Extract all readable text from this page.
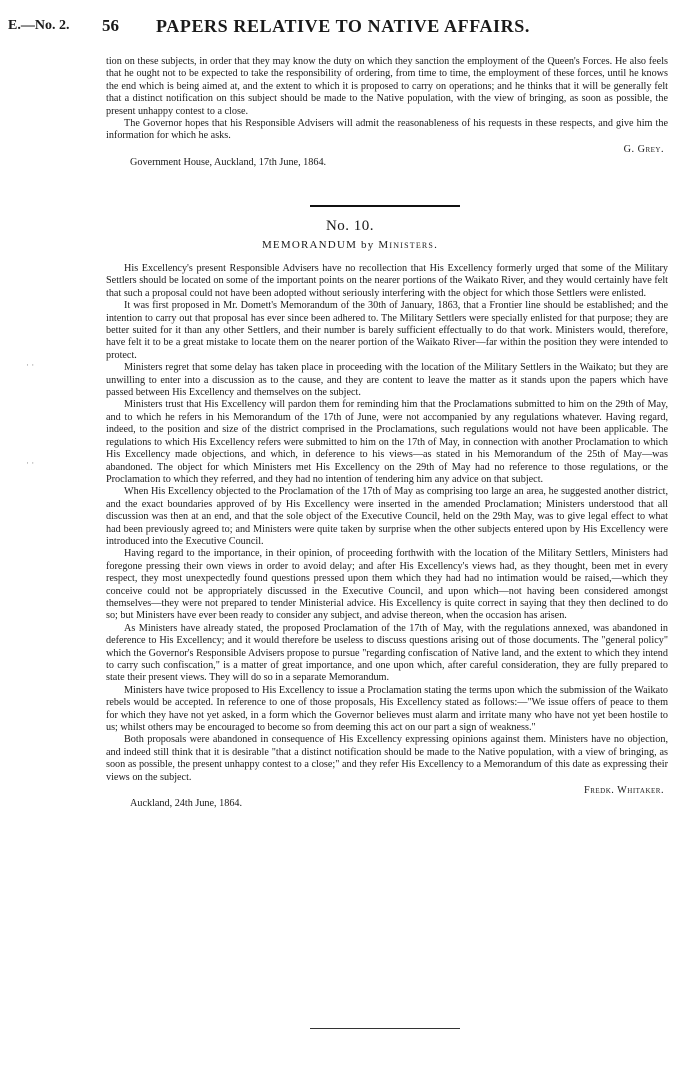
E.—No. 2. 56 PAPERS RELATIVE TO NATIVE AFFAIRS.

tion on these subjects, in order that they may know the duty on which they sanction the employment of the Queen's Forces. He also feels that he ought not to be expected to take the responsibility of ordering, from time to time, the employment of these forces, until he knows the end which is being aimed at, and the extent to which it is proposed to carry on operations; and he thinks that it will be generally felt that a distinct notification on this subject should be made to the Native population, with the view of bringing, as soon as possible, the present unhappy contest to a close.

The Governor hopes that his Responsible Advisers will admit the reasonableness of his requests in these respects, and give him the information for which he asks.

G. Grey.
Government House, Auckland, 17th June, 1864.
No. 10.
MEMORANDUM by Ministers.

His Excellency's present Responsible Advisers have no recollection that His Excellency formerly urged that some of the Military Settlers should be located on some of the important points on the nearer portions of the Waikato River, and they would certainly have felt that such a proposal could not have been adopted without seriously interfering with the object for which those Settlers were enlisted.

It was first proposed in Mr. Domett's Memorandum of the 30th of January, 1863, that a Frontier line should be established; and the intention to carry out that proposal has ever since been adhered to. The Military Settlers were specially enlisted for that purpose; they are better suited for it than any other Settlers, and their number is barely sufficient effectually to do that work. Ministers would, therefore, have felt it to be a great mistake to locate them on the nearer portion of the Waikato River—far within the position they were intended to protect.

Ministers regret that some delay has taken place in proceeding with the location of the Military Settlers in the Waikato; but they are unwilling to enter into a discussion as to the cause, and they are content to leave the matter as it stands upon the papers which have passed between His Excellency and themselves on the subject.

Ministers trust that His Excellency will pardon them for reminding him that the Proclamations submitted to him on the 29th of May, and to which he refers in his Memorandum of the 17th of June, were not accompanied by any regulations whatever. Having regard, indeed, to the position and size of the district comprised in the Proclamations, such regulations would not have been applicable. The regulations to which His Excellency refers were submitted to him on the 17th of May, in connection with another Proclamation to which His Excellency made objections, and which, in deference to his views—as stated in his Memorandum of the 25th of May—was abandoned. The object for which Ministers met His Excellency on the 29th of May had no reference to those regulations, or the Proclamation to which they referred, and they had no intention of tendering him any advice on that subject.

When His Excellency objected to the Proclamation of the 17th of May as comprising too large an area, he suggested another district, and the exact boundaries approved of by His Excellency were inserted in the amended Proclamation; Ministers understood that all discussion was then at an end, and that the sole object of the Executive Council, held on the 29th May, was to give legal effect to what had been previously agreed to; and Ministers were quite taken by surprise when the other subjects entered upon by His Excellency were introduced into the Executive Council.

Having regard to the importance, in their opinion, of proceeding forthwith with the location of the Military Settlers, Ministers had foregone pressing their own views in order to avoid delay; and after His Excellency's views had, as they thought, been met in every respect, they most unexpectedly found questions pressed upon them which they had had no intimation would be raised,—which they conceive could not be appropriately discussed in the Executive Council, and upon which—not having been considered amongst themselves—they were not prepared to tender Ministerial advice. His Excellency is quite correct in saying that they then declined to do so; but Ministers have ever been ready to consider any subject, and advise thereon, when the occasion has arisen.

As Ministers have already stated, the proposed Proclamation of the 17th of May, with the regulations annexed, was abandoned in deference to His Excellency; and it would therefore be useless to discuss questions arising out of those documents. The "general policy" which the Governor's Responsible Advisers propose to pursue "regarding confiscation of Native land, and the extent to which they intend to carry such confiscation," is a matter of great importance, and one upon which, after careful consideration, they are fully prepared to state their present views. They will do so in a separate Memorandum.

Ministers have twice proposed to His Excellency to issue a Proclamation stating the terms upon which the submission of the Waikato rebels would be accepted. In reference to one of those proposals, His Excellency stated as follows:—"We issue offers of peace to them for which they have not yet asked, in a form which the Governor believes must alarm and irritate many who have not yet been hostile to us; whilst others may be encouraged to become so from deeming this act on our part a sign of weakness."

Both proposals were abandoned in consequence of His Excellency expressing opinions against them. Ministers have no objection, and indeed still think that it is desirable "that a distinct notification should be made to the Native population, with a view of bringing, as soon as possible, the present unhappy contest to a close;" and they refer His Excellency to a Memorandum of this date as expressing their views on the subject.

Fredk. Whitaker.
Auckland, 24th June, 1864.
· ·
· ·
